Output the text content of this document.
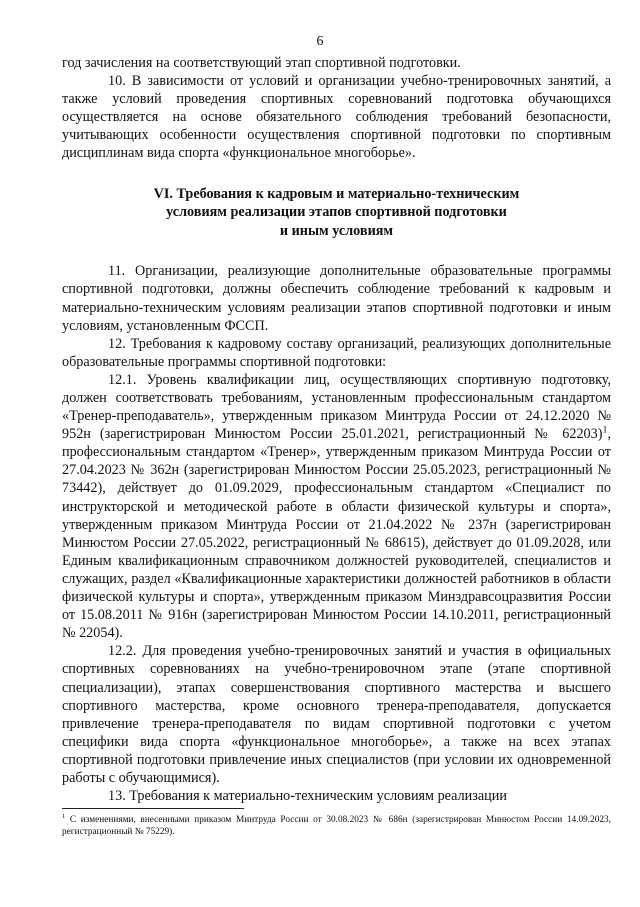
6

год зачисления на соответствующий этап спортивной подготовки.

10. В зависимости от условий и организации учебно-тренировочных занятий, а также условий проведения спортивных соревнований подготовка обучающихся осуществляется на основе обязательного соблюдения требований безопасности, учитывающих особенности осуществления спортивной подготовки по спортивным дисциплинам вида спорта «функциональное многоборье».

VI. Требования к кадровым и материально-техническим
условиям реализации этапов спортивной подготовки
и иным условиям

11. Организации, реализующие дополнительные образовательные программы спортивной подготовки, должны обеспечить соблюдение требований к кадровым и материально-техническим условиям реализации этапов спортивной подготовки и иным условиям, установленным ФССП.

12. Требования к кадровому составу организаций, реализующих дополнительные образовательные программы спортивной подготовки:

12.1. Уровень квалификации лиц, осуществляющих спортивную подготовку, должен соответствовать требованиям, установленным профессиональным стандартом «Тренер-преподаватель», утвержденным приказом Минтруда России от 24.12.2020 № 952н (зарегистрирован Минюстом России 25.01.2021, регистрационный № 62203)$^1$, профессиональным стандартом «Тренер», утвержденным приказом Минтруда России от 27.04.2023 № 362н (зарегистрирован Минюстом России 25.05.2023, регистрационный № 73442), действует до 01.09.2029, профессиональным стандартом «Специалист по инструкторской и методической работе в области физической культуры и спорта», утвержденным приказом Минтруда России от 21.04.2022 № 237н (зарегистрирован Минюстом России 27.05.2022, регистрационный № 68615), действует до 01.09.2028, или Единым квалификационным справочником должностей руководителей, специалистов и служащих, раздел «Квалификационные характеристики должностей работников в области физической культуры и спорта», утвержденным приказом Минздравсоцразвития России от 15.08.2011 № 916н (зарегистрирован Минюстом России 14.10.2011, регистрационный № 22054).

12.2. Для проведения учебно-тренировочных занятий и участия в официальных спортивных соревнованиях на учебно-тренировочном этапе (этапе спортивной специализации), этапах совершенствования спортивного мастерства и высшего спортивного мастерства, кроме основного тренера-преподавателя, допускается привлечение тренера-преподавателя по видам спортивной подготовки с учетом специфики вида спорта «функциональное многоборье», а также на всех этапах спортивной подготовки привлечение иных специалистов (при условии их одновременной работы с обучающимися).

13. Требования к материально-техническим условиям реализации

$^1$ С изменениями, внесенными приказом Минтруда России от 30.08.2023 № 686н (зарегистрирован Минюстом России 14.09.2023, регистрационный № 75229).
